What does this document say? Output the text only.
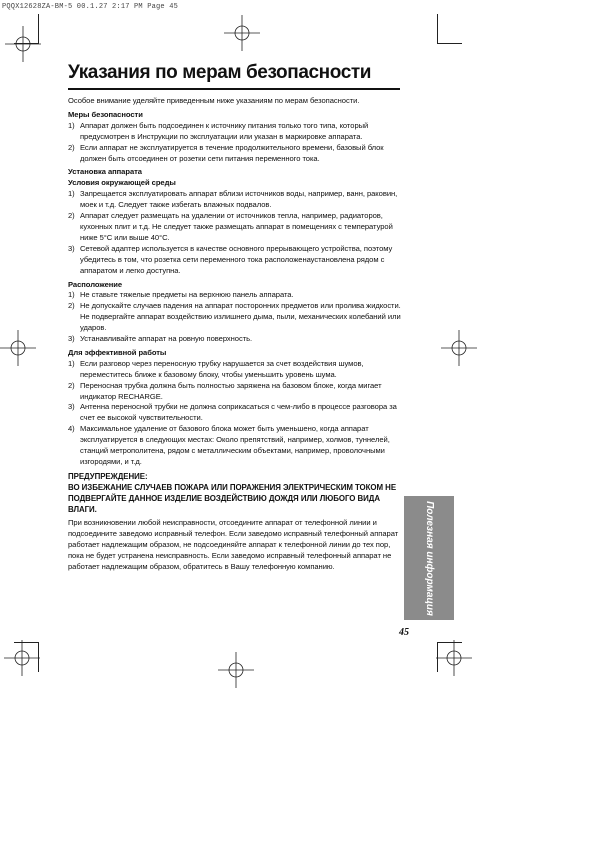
PQQX12628ZA-BM-5 00.1.27 2:17 PM Page 45
Указания по мерам безопасности

Особое внимание уделяйте приведенным ниже указаниям по мерам безопасности.

Меры безопасности

1) Аппарат должен быть подсоединен к источнику питания только того типа, который предусмотрен в Инструкции по эксплуатации или указан в маркировке аппарата.
2) Если аппарат не эксплуатируется в течение продолжительного времени, базовый блок должен быть отсоединен от розетки сети питания переменного тока.

Установка аппарата

Условия окружающей среды

1) Запрещается эксплуатировать аппарат вблизи источников воды, например, ванн, раковин, моек и т.д. Следует также избегать влажных подвалов.
2) Аппарат следует размещать на удалении от источников тепла, например, радиаторов, кухонных плит и т.д. Не следует также размещать аппарат в помещениях с температурой ниже 5°C или выше 40°C.
3) Сетевой адаптер используется в качестве основного прерывающего устройства, поэтому убедитесь в том, что розетка сети переменного тока расположенаустановлена рядом с аппаратом и легко доступна.

Расположение

1) Не ставьте тяжелые предметы на верхнюю панель аппарата.
2) Не допускайте случаев падения на аппарат посторонних предметов или пролива жидкости. Не подвергайте аппарат воздействию излишнего дыма, пыли, механических колебаний или ударов.
3) Устанавливайте аппарат на ровную поверхность.

Для эффективной работы

1) Если разговор через переносную трубку нарушается за счет воздействия шумов, переместитесь ближе к базовому блоку, чтобы уменьшить уровень шума.
2) Переносная трубка должна быть полностью заряжена на базовом блоке, когда мигает индикатор RECHARGE.
3) Антенна переносной трубки не должна соприкасаться с чем-либо в процессе разговора за счет ее высокой чувствительности.
4) Максимальное удаление от базового блока может быть уменьшено, когда аппарат эксплуатируется в следующих местах: Около препятствий, например, холмов, туннелей, станций метрополитена, рядом с металлическим объектами, например, проволочными изгородями, и т.д.

ПРЕДУПРЕЖДЕНИЕ:

ВО ИЗБЕЖАНИЕ СЛУЧАЕВ ПОЖАРА ИЛИ ПОРАЖЕНИЯ ЭЛЕКТРИЧЕСКИМ ТОКОМ НЕ ПОДВЕРГАЙТЕ ДАННОЕ ИЗДЕЛИЕ ВОЗДЕЙСТВИЮ ДОЖДЯ ИЛИ ЛЮБОГО ВИДА ВЛАГИ.

При возникновении любой неисправности, отсоедините аппарат от телефонной линии и подсоедините заведомо исправный телефон. Если заведомо исправный телефонный аппарат работает надлежащим образом, не подсоединяйте аппарат к телефонной линии до тех пор, пока не будет устранена неисправность. Если заведомо исправный телефонный аппарат не работает надлежащим образом, обратитесь в Вашу телефонную компанию.	Полезная информация
45
